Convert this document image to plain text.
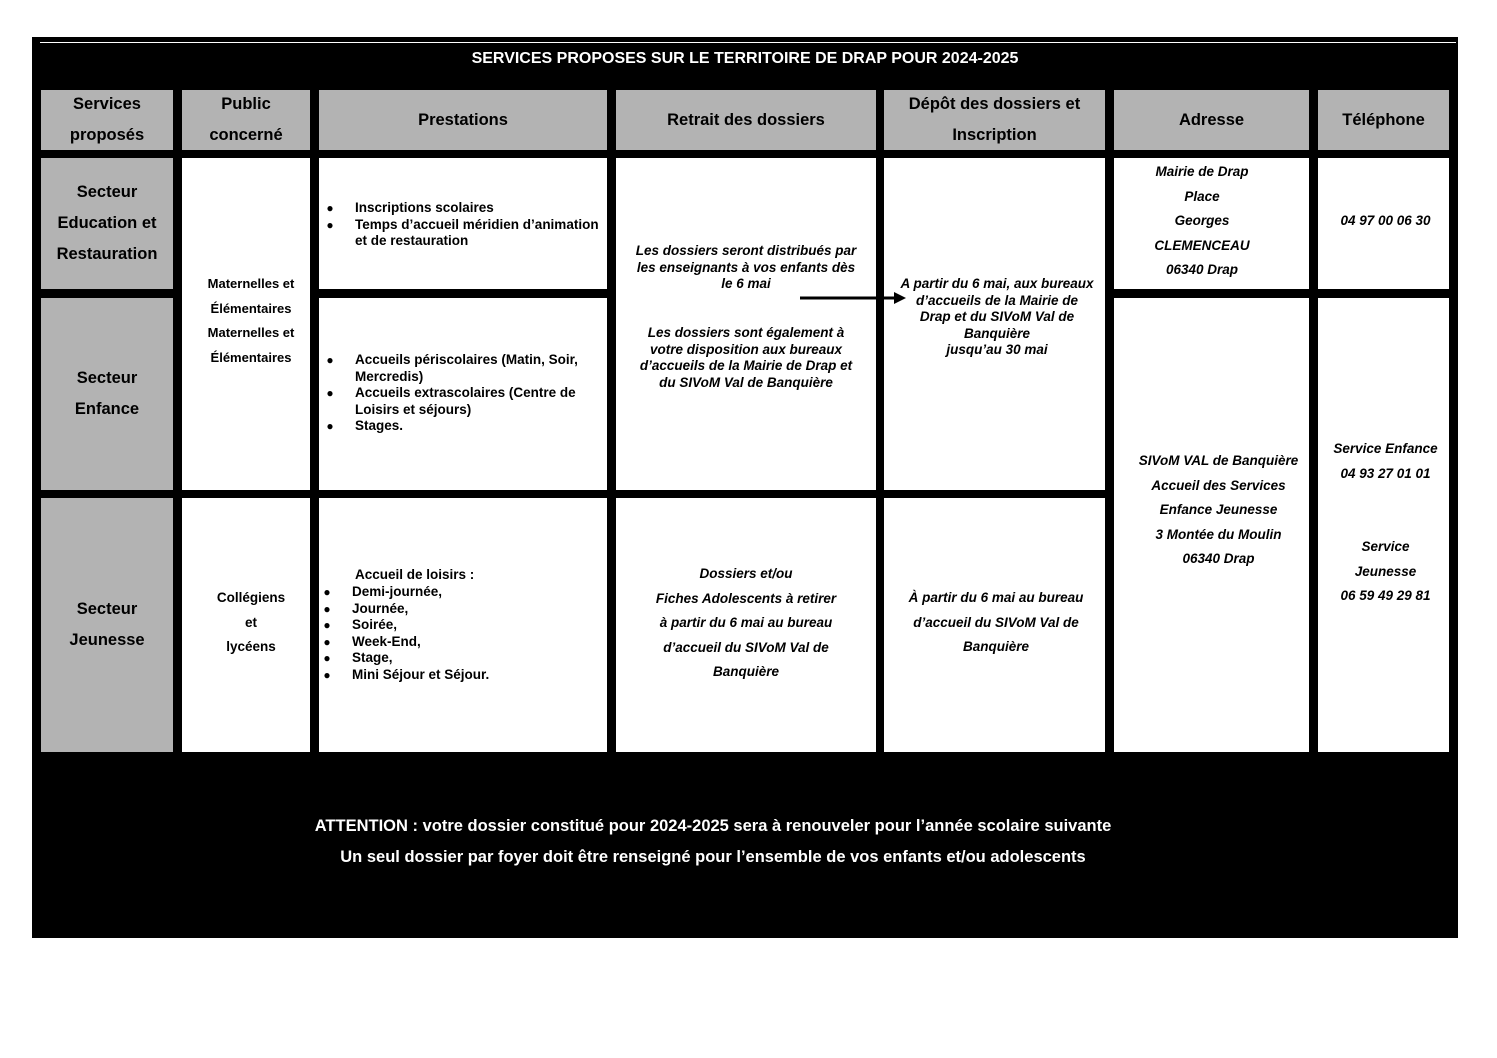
SERVICES PROPOSES SUR LE TERRITOIRE DE DRAP POUR 2024-2025
Services
proposés
Public
concerné
Prestations	Retrait des dossiers
Dépôt des dossiers et
Inscription
Adresse	Téléphone
Secteur
Education et
Restauration
Secteur
Enfance
Secteur
Jeunesse
Maternelles et
Élémentaires
Maternelles et
Élémentaires
Collégiens
et
lycéens
● Inscriptions scolaires
● Temps d’accueil méridien d’animation et de restauration
● Accueils périscolaires (Matin, Soir, Mercredis)
● Accueils extrascolaires (Centre de Loisirs et séjours)
● Stages.
Accueil de loisirs :
● Demi-journée,
● Journée,
● Soirée,
● Week-End,
● Stage,
● Mini Séjour et Séjour.
Les dossiers seront distribués par
les enseignants à vos enfants dès
le 6 mai
Les dossiers sont également à
votre disposition aux bureaux
d’accueils de la Mairie de Drap et
du SIVoM Val de Banquière
Dossiers et/ou
Fiches Adolescents à retirer
à partir du 6 mai au bureau
d’accueil du SIVoM Val de
Banquière
A partir du 6 mai, aux bureaux
d’accueils de la Mairie de
Drap et du SIVoM Val de
Banquière
jusqu’au 30 mai
À partir du 6 mai au bureau
d’accueil du SIVoM Val de
Banquière
Mairie de Drap
Place
Georges
CLEMENCEAU
06340 Drap
SIVoM VAL de Banquière
Accueil des Services
Enfance Jeunesse
3 Montée du Moulin
06340 Drap
04 97 00 06 30
Service Enfance
04 93 27 01 01
Service
Jeunesse
06 59 49 29 81
ATTENTION : votre dossier constitué pour 2024-2025 sera à renouveler pour l’année scolaire suivante
Un seul dossier par foyer doit être renseigné pour l’ensemble de vos enfants et/ou adolescents
